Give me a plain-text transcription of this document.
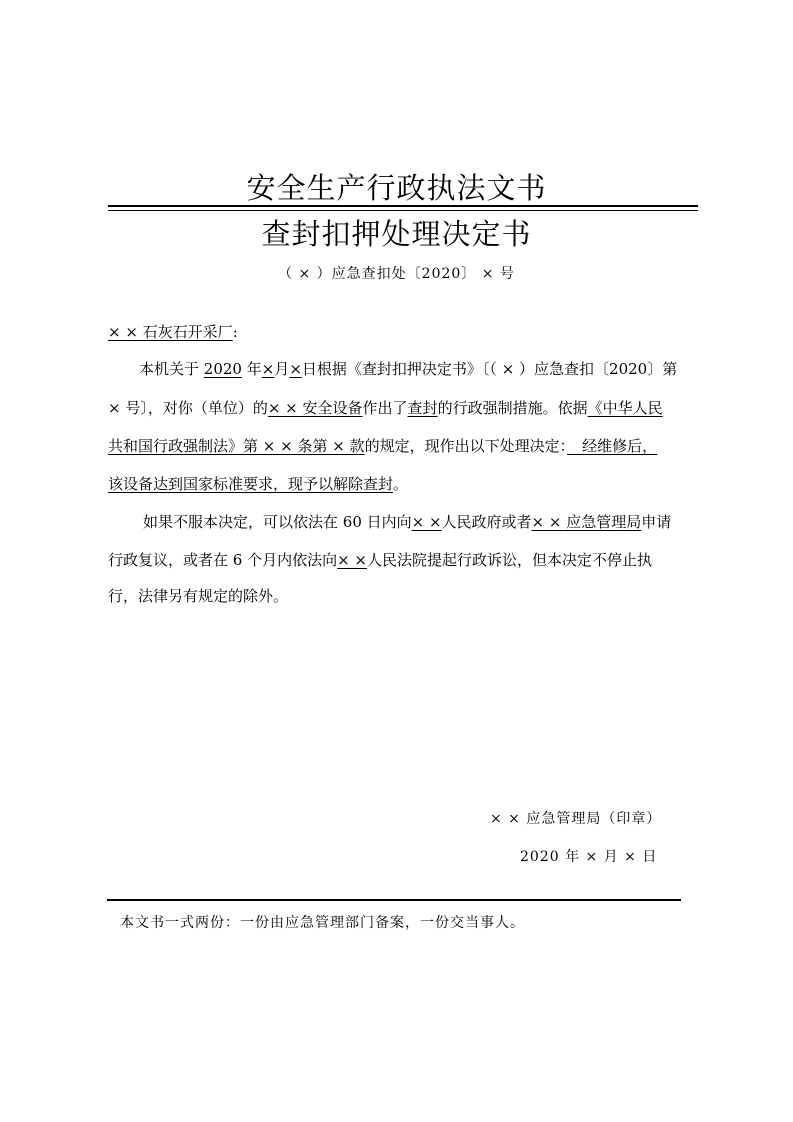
安全生产行政执法文书
查封扣押处理决定书
（ × ）应急查扣处〔2020〕 × 号
× × 石灰石开采厂:
本机关于 2020 年×月×日根据《查封扣押决定书》〔（ × ）应急查扣〔2020〕第
× 号〕，对你（单位）的× × 安全设备作出了查封的行政强制措施。依据《中华人民
共和国行政强制法》第 × × 条第 × 款的规定，现作出以下处理决定：　经维修后，
该设备达到国家标准要求，现予以解除查封。
如果不服本决定，可以依法在 60 日内向× ×人民政府或者× × 应急管理局申请
行政复议，或者在 6 个月内依法向× ×人民法院提起行政诉讼，但本决定不停止执
行，法律另有规定的除外。
× × 应急管理局（印章）
2020 年 × 月 × 日
本文书一式两份：一份由应急管理部门备案，一份交当事人。
